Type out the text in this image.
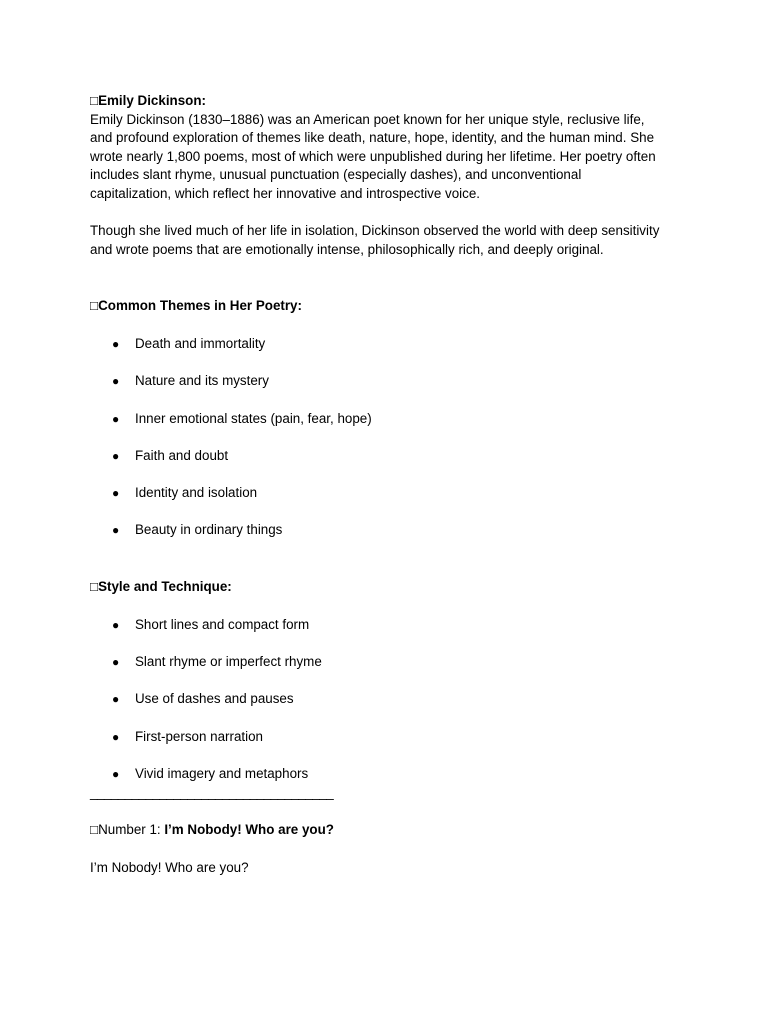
□Emily Dickinson:
Emily Dickinson (1830–1886) was an American poet known for her unique style, reclusive life,
and profound exploration of themes like death, nature, hope, identity, and the human mind. She
wrote nearly 1,800 poems, most of which were unpublished during her lifetime. Her poetry often
includes slant rhyme, unusual punctuation (especially dashes), and unconventional
capitalization, which reflect her innovative and introspective voice.
Though she lived much of her life in isolation, Dickinson observed the world with deep sensitivity
and wrote poems that are emotionally intense, philosophically rich, and deeply original.
□Common Themes in Her Poetry:
● Death and immortality
● Nature and its mystery
● Inner emotional states (pain, fear, hope)
● Faith and doubt
● Identity and isolation
● Beauty in ordinary things
□Style and Technique:
● Short lines and compact form
● Slant rhyme or imperfect rhyme
● Use of dashes and pauses
● First-person narration
● Vivid imagery and metaphors
___________________________________
□Number 1: I’m Nobody! Who are you?
I’m Nobody! Who are you?
